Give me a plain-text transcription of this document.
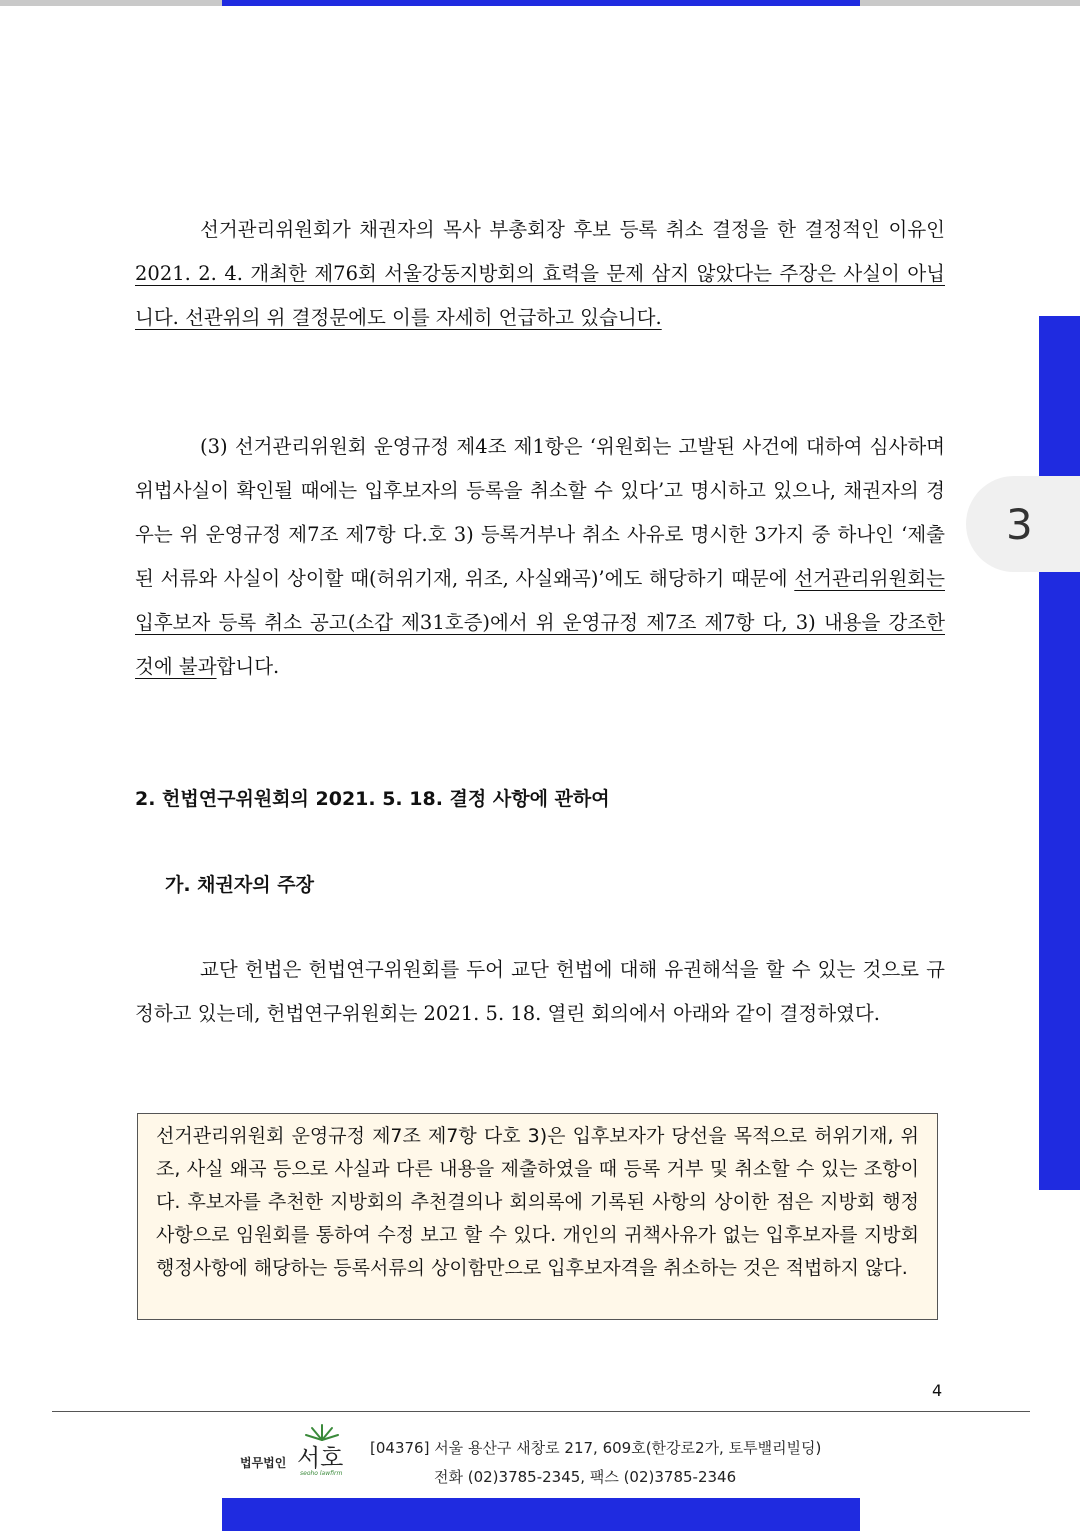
3

선거관리위원회가 채권자의 목사 부총회장 후보 등록 취소 결정을 한 결정적인 이유인 2021. 2. 4. 개최한 제76회 서울강동지방회의 효력을 문제 삼지 않았다는 주장은 사실이 아닙니다. 선관위의 위 결정문에도 이를 자세히 언급하고 있습니다.

(3) 선거관리위원회 운영규정 제4조 제1항은 ‘위원회는 고발된 사건에 대하여 심사하며 위법사실이 확인될 때에는 입후보자의 등록을 취소할 수 있다’고 명시하고 있으나, 채권자의 경우는 위 운영규정 제7조 제7항 다.호 3) 등록거부나 취소 사유로 명시한 3가지 중 하나인 ‘제출된 서류와 사실이 상이할 때(허위기재, 위조, 사실왜곡)’에도 해당하기 때문에 선거관리위원회는 입후보자 등록 취소 공고(소갑 제31호증)에서 위 운영규정 제7조 제7항 다, 3) 내용을 강조한 것에 불과합니다.

2. 헌법연구위원회의 2021. 5. 18. 결정 사항에 관하여
가. 채권자의 주장

교단 헌법은 헌법연구위원회를 두어 교단 헌법에 대해 유권해석을 할 수 있는 것으로 규정하고 있는데, 헌법연구위원회는 2021. 5. 18. 열린 회의에서 아래와 같이 결정하였다.

선거관리위원회 운영규정 제7조 제7항 다호 3)은 입후보자가 당선을 목적으로 허위기재, 위조, 사실 왜곡 등으로 사실과 다른 내용을 제출하였을 때 등록 거부 및 취소할 수 있는 조항이다. 후보자를 추천한 지방회의 추천결의나 회의록에 기록된 사항의 상이한 점은 지방회 행정사항으로 임원회를 통하여 수정 보고 할 수 있다. 개인의 귀책사유가 없는 입후보자를 지방회 행정사항에 해당하는 등록서류의 상이함만으로 입후보자격을 취소하는 것은 적법하지 않다.
4
법무법인 서호
seoho lawfirm
[04376] 서울 용산구 새창로 217, 609호(한강로2가, 토투밸리빌딩)
전화 (02)3785-2345, 팩스 (02)3785-2346
